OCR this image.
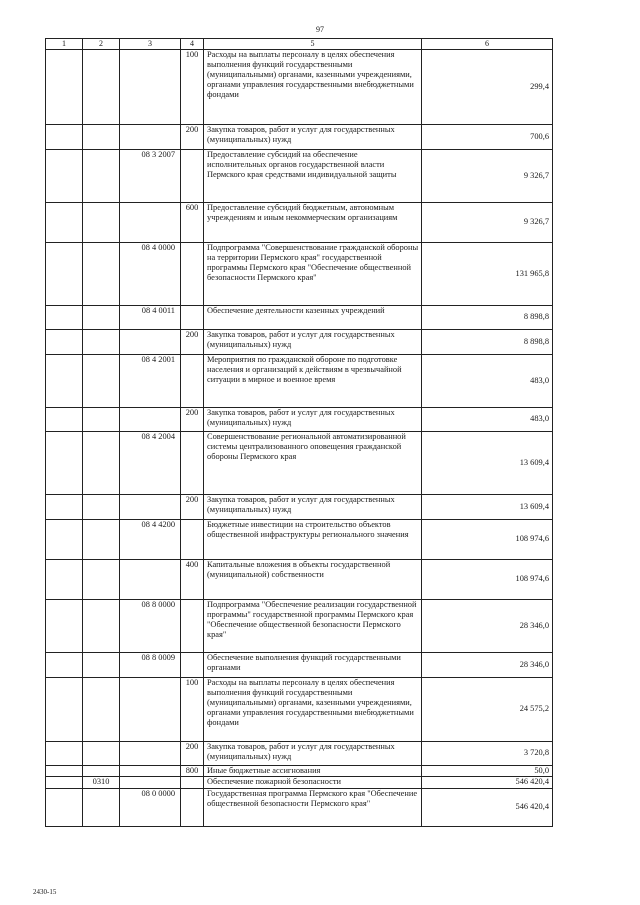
97
1	2	3	4	5	6
			100	Расходы на выплаты персоналу в целях обеспечения выполнения функций государственными (муниципальными) органами, казенными учреждениями, органами управления государственными внебюджетными фондами	299,4
			200	Закупка товаров, работ и услуг для государственных (муниципальных) нужд	700,6
		08 3 2007		Предоставление субсидий на обеспечение исполнительных органов государственной власти Пермского края средствами индивидуальной защиты	9 326,7
			600	Предоставление субсидий бюджетным, автономным учреждениям и иным некоммерческим организациям	9 326,7
		08 4 0000		Подпрограмма "Совершенствование гражданской обороны на территории Пермского края" государственной программы Пермского края "Обеспечение общественной безопасности Пермского края"	131 965,8
		08 4 0011		Обеспечение деятельности казенных учреждений	8 898,8
			200	Закупка товаров, работ и услуг для государственных (муниципальных) нужд	8 898,8
		08 4 2001		Мероприятия по гражданской обороне по подготовке населения и организаций к действиям в чрезвычайной ситуации в мирное и военное время	483,0
			200	Закупка товаров, работ и услуг для государственных (муниципальных) нужд	483,0
		08 4 2004		Совершенствование региональной автоматизированной системы централизованного оповещения гражданской обороны Пермского края	13 609,4
			200	Закупка товаров, работ и услуг для государственных (муниципальных) нужд	13 609,4
		08 4 4200		Бюджетные инвестиции на строительство объектов общественной инфраструктуры регионального значения	108 974,6
			400	Капитальные вложения в объекты государственной (муниципальной) собственности	108 974,6
		08 8 0000		Подпрограмма "Обеспечение реализации государственной программы" государственной программы Пермского края "Обеспечение общественной безопасности Пермского края"	28 346,0
		08 8 0009		Обеспечение выполнения функций государственными органами	28 346,0
			100	Расходы на выплаты персоналу в целях обеспечения выполнения функций государственными (муниципальными) органами, казенными учреждениями, органами управления государственными внебюджетными фондами	24 575,2
			200	Закупка товаров, работ и услуг для государственных (муниципальных) нужд	3 720,8
			800	Иные бюджетные ассигнования	50,0
	0310			Обеспечение пожарной безопасности	546 420,4
		08 0 0000		Государственная программа Пермского края "Обеспечение общественной безопасности Пермского края"	546 420,4
2430-15
